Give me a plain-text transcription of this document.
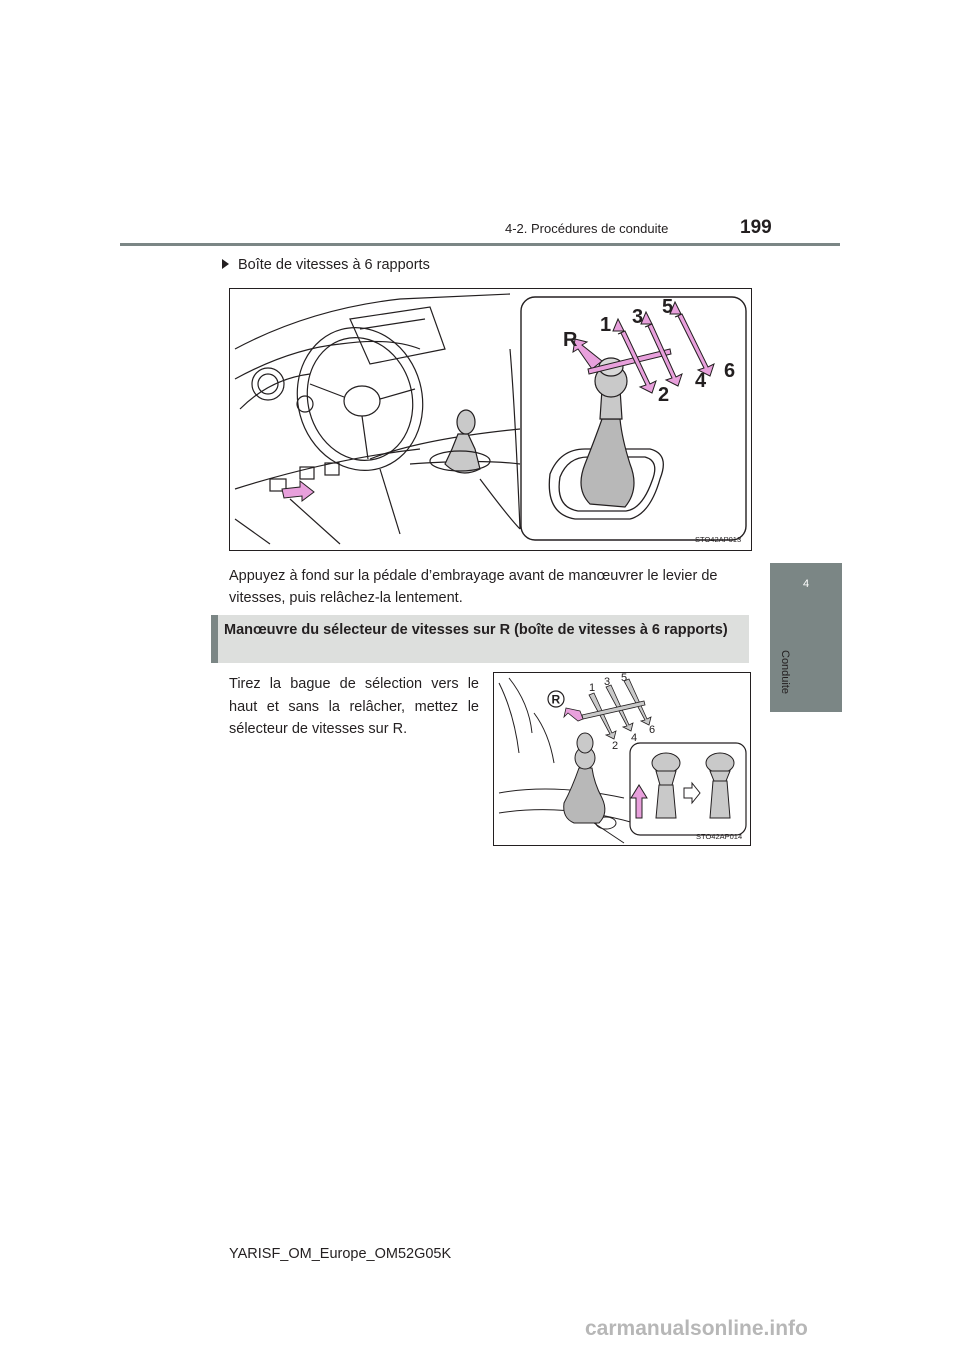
4-2. Procédures de conduite	199
4
Conduite
Boîte de vitesses à 6 rapports
R
1 3 5
2
4 6
STO42AP013
Appuyez à fond sur la pédale d’embrayage avant de manœuvrer le levier de vitesses, puis relâchez-la lentement.
Manœuvre du sélecteur de vitesses sur R (boîte de vitesses à 6 rapports)
Tirez la bague de sélection vers le haut et sans la relâcher, mettez le sélecteur de vitesses sur R.
R
1 3 5
2
4
6
STO42AP014
YARISF_OM_Europe_OM52G05K
carmanualsonline.info
